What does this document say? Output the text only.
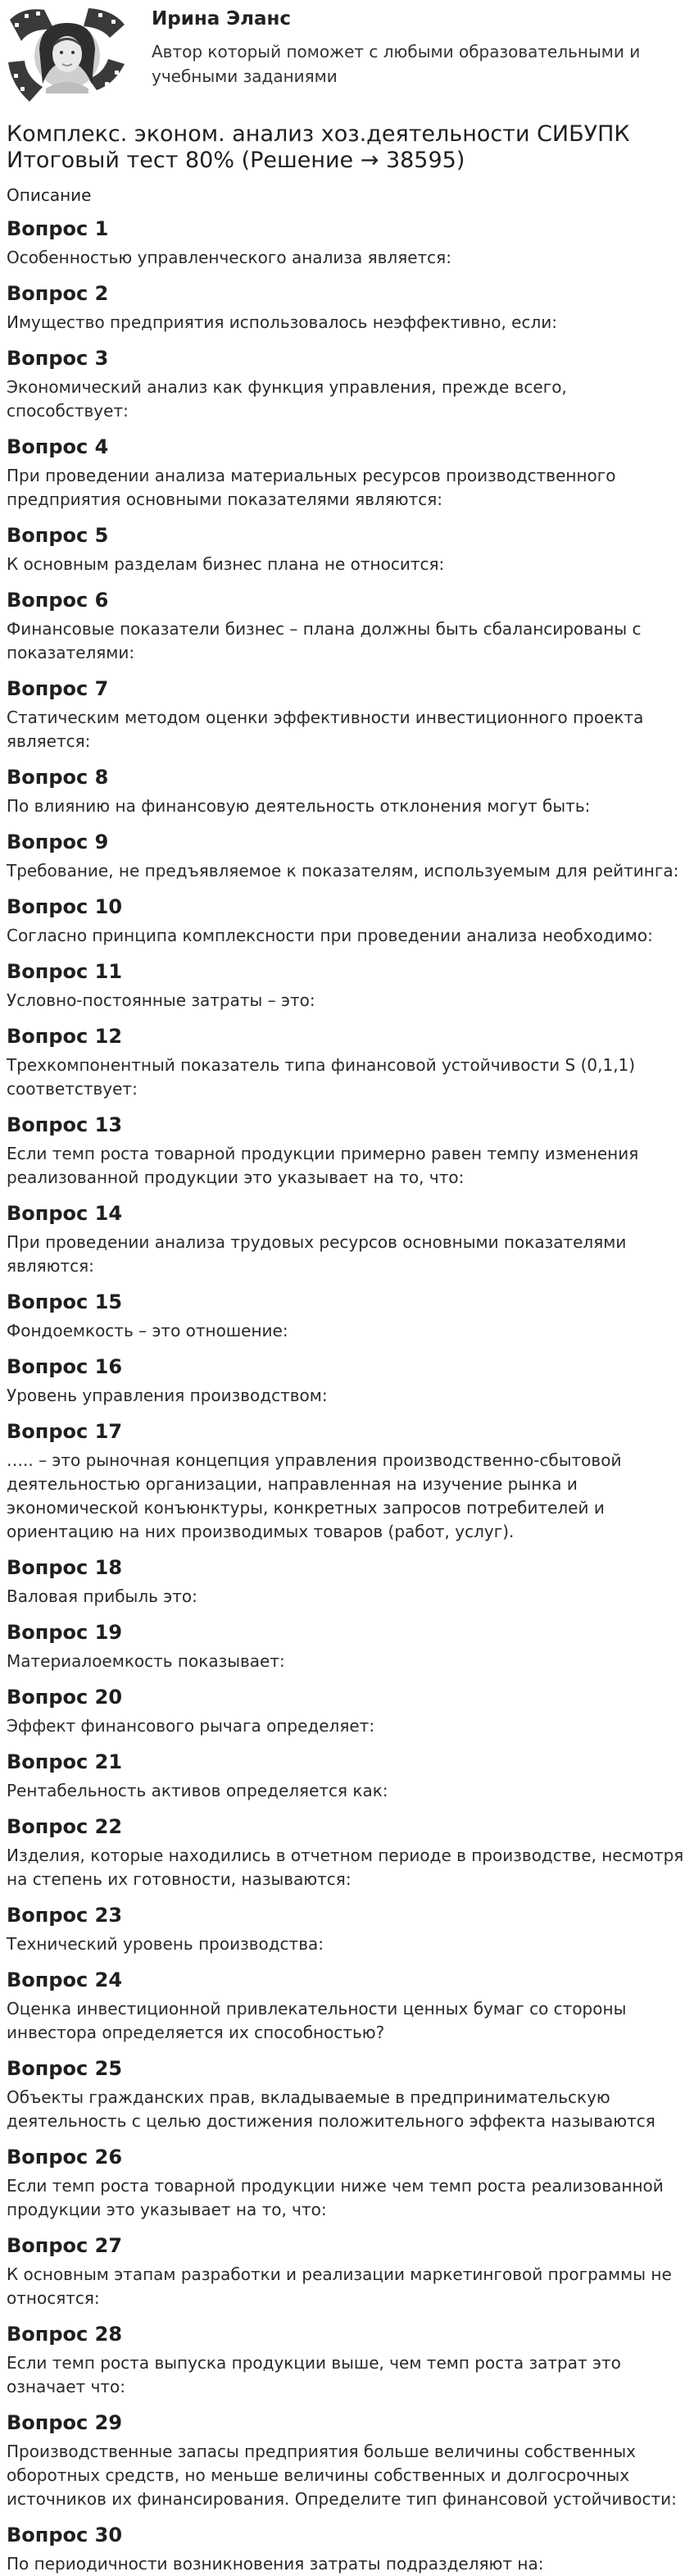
Ирина Эланс
Автор который поможет с любыми образовательными и учебными заданиями
Комплекс. эконом. анализ хоз.деятельности СИБУПК Итоговый тест 80% (Решение → 38595)
Описание
Вопрос 1
Особенностью управленческого анализа является:
Вопрос 2
Имущество предприятия использовалось неэффективно, если:
Вопрос 3
Экономический анализ как функция управления, прежде всего, способствует:
Вопрос 4
При проведении анализа материальных ресурсов производственного предприятия основными показателями являются:
Вопрос 5
К основным разделам бизнес плана не относится:
Вопрос 6
Финансовые показатели бизнес – плана должны быть сбалансированы с показателями:
Вопрос 7
Статическим методом оценки эффективности инвестиционного проекта является:
Вопрос 8
По влиянию на финансовую деятельность отклонения могут быть:
Вопрос 9
Требование, не предъявляемое к показателям, используемым для рейтинга:
Вопрос 10
Согласно принципа комплексности при проведении анализа необходимо:
Вопрос 11
Условно-постоянные затраты – это:
Вопрос 12
Трехкомпонентный показатель типа финансовой устойчивости S (0,1,1) соответствует:
Вопрос 13
Если темп роста товарной продукции примерно равен темпу изменения реализованной продукции это указывает на то, что:
Вопрос 14
При проведении анализа трудовых ресурсов основными показателями являются:
Вопрос 15
Фондоемкость – это отношение:
Вопрос 16
Уровень управления производством:
Вопрос 17
….. – это рыночная концепция управления производственно-сбытовой деятельностью организации, направленная на изучение рынка и экономической конъюнктуры, конкретных запросов потребителей и ориентацию на них производимых товаров (работ, услуг).
Вопрос 18
Валовая прибыль это:
Вопрос 19
Материалоемкость показывает:
Вопрос 20
Эффект финансового рычага определяет:
Вопрос 21
Рентабельность активов определяется как:
Вопрос 22
Изделия, которые находились в отчетном периоде в производстве, несмотря на степень их готовности, называются:
Вопрос 23
Технический уровень производства:
Вопрос 24
Оценка инвестиционной привлекательности ценных бумаг со стороны инвестора определяется их способностью?
Вопрос 25
Объекты гражданских прав, вкладываемые в предпринимательскую деятельность с целью достижения положительного эффекта называются
Вопрос 26
Если темп роста товарной продукции ниже чем темп роста реализованной продукции это указывает на то, что:
Вопрос 27
К основным этапам разработки и реализации маркетинговой программы не относятся:
Вопрос 28
Если темп роста выпуска продукции выше, чем темп роста затрат это означает что:
Вопрос 29
Производственные запасы предприятия больше величины собственных оборотных средств, но меньше величины собственных и долгосрочных источников их финансирования. Определите тип финансовой устойчивости:
Вопрос 30
По периодичности возникновения затраты подразделяют на:
